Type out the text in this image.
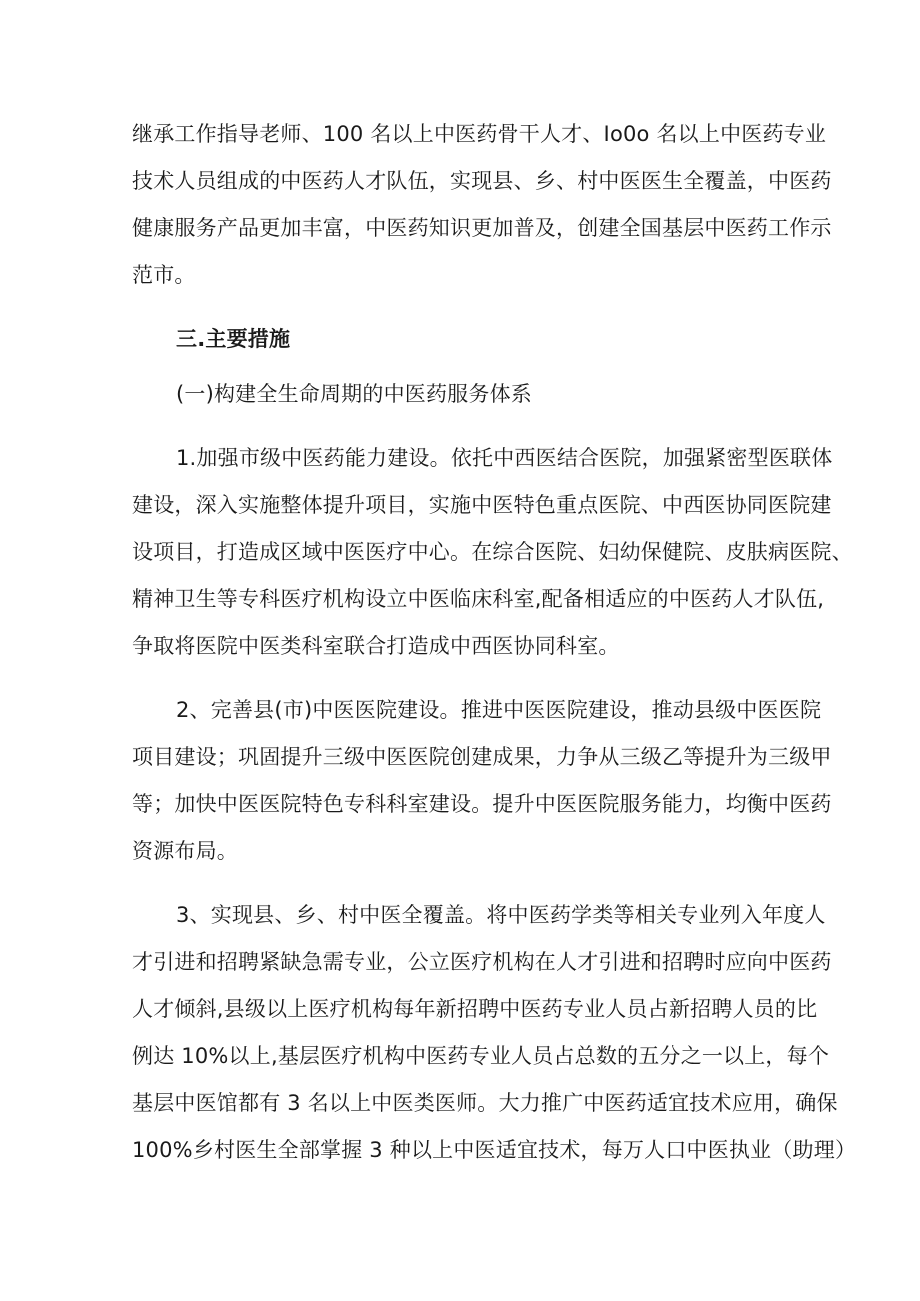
继承工作指导老师、100 名以上中医药骨干人才、Io0o 名以上中医药专业
技术人员组成的中医药人才队伍，实现县、乡、村中医医生全覆盖，中医药
健康服务产品更加丰富，中医药知识更加普及，创建全国基层中医药工作示
范市。
三.主要措施
(一)构建全生命周期的中医药服务体系
1.加强市级中医药能力建设。依托中西医结合医院，加强紧密型医联体
建设，深入实施整体提升项目，实施中医特色重点医院、中西医协同医院建
设项目，打造成区域中医医疗中心。在综合医院、妇幼保健院、皮肤病医院、
精神卫生等专科医疗机构设立中医临床科室,配备相适应的中医药人才队伍,
争取将医院中医类科室联合打造成中西医协同科室。
2、完善县(市)中医医院建设。推进中医医院建设，推动县级中医医院
项目建设；巩固提升三级中医医院创建成果，力争从三级乙等提升为三级甲
等；加快中医医院特色专科科室建设。提升中医医院服务能力，均衡中医药
资源布局。
3、实现县、乡、村中医全覆盖。将中医药学类等相关专业列入年度人
才引进和招聘紧缺急需专业，公立医疗机构在人才引进和招聘时应向中医药
人才倾斜,县级以上医疗机构每年新招聘中医药专业人员占新招聘人员的比
例达 10%以上,基层医疗机构中医药专业人员占总数的五分之一以上，每个
基层中医馆都有 3 名以上中医类医师。大力推广中医药适宜技术应用，确保
100%乡村医生全部掌握 3 种以上中医适宜技术，每万人口中医执业（助理）
